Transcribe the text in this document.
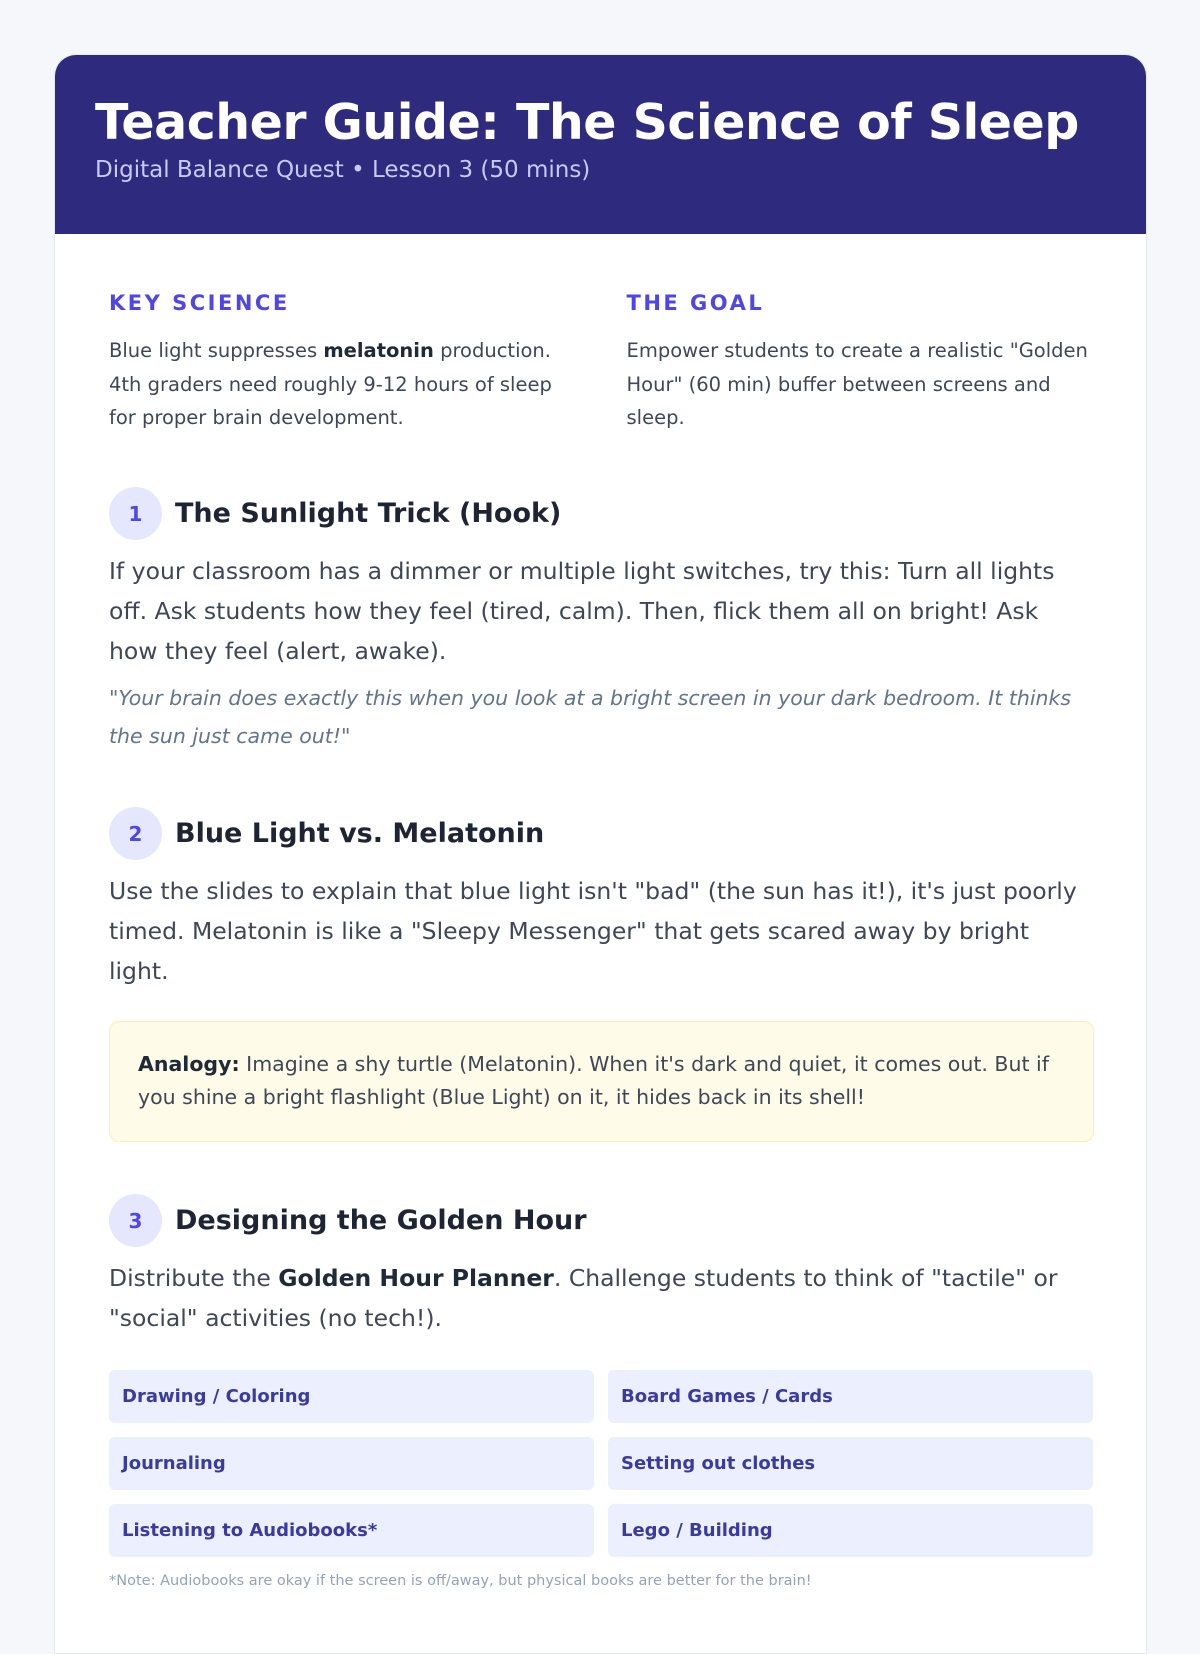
Teacher Guide: The Science of Sleep
Digital Balance Quest • Lesson 3 (50 mins)
KEY SCIENCE

Blue light suppresses melatonin production. 4th graders need roughly 9-12 hours of sleep for proper brain development.

THE GOAL

Empower students to create a realistic "Golden Hour" (60 min) buffer between screens and sleep.

1	The Sunlight Trick (Hook)
If your classroom has a dimmer or multiple light switches, try this: Turn all lights off. Ask students how they feel (tired, calm). Then, flick them all on bright! Ask how they feel (alert, awake).
"Your brain does exactly this when you look at a bright screen in your dark bedroom. It thinks the sun just came out!"
2	Blue Light vs. Melatonin
Use the slides to explain that blue light isn't "bad" (the sun has it!), it's just poorly timed. Melatonin is like a "Sleepy Messenger" that gets scared away by bright light.
Analogy: Imagine a shy turtle (Melatonin). When it's dark and quiet, it comes out. But if you shine a bright flashlight (Blue Light) on it, it hides back in its shell!
3	Designing the Golden Hour
Distribute the Golden Hour Planner. Challenge students to think of "tactile" or "social" activities (no tech!).
Drawing / Coloring	Board Games / Cards
Journaling	Setting out clothes
Listening to Audiobooks*	Lego / Building
*Note: Audiobooks are okay if the screen is off/away, but physical books are better for the brain!
